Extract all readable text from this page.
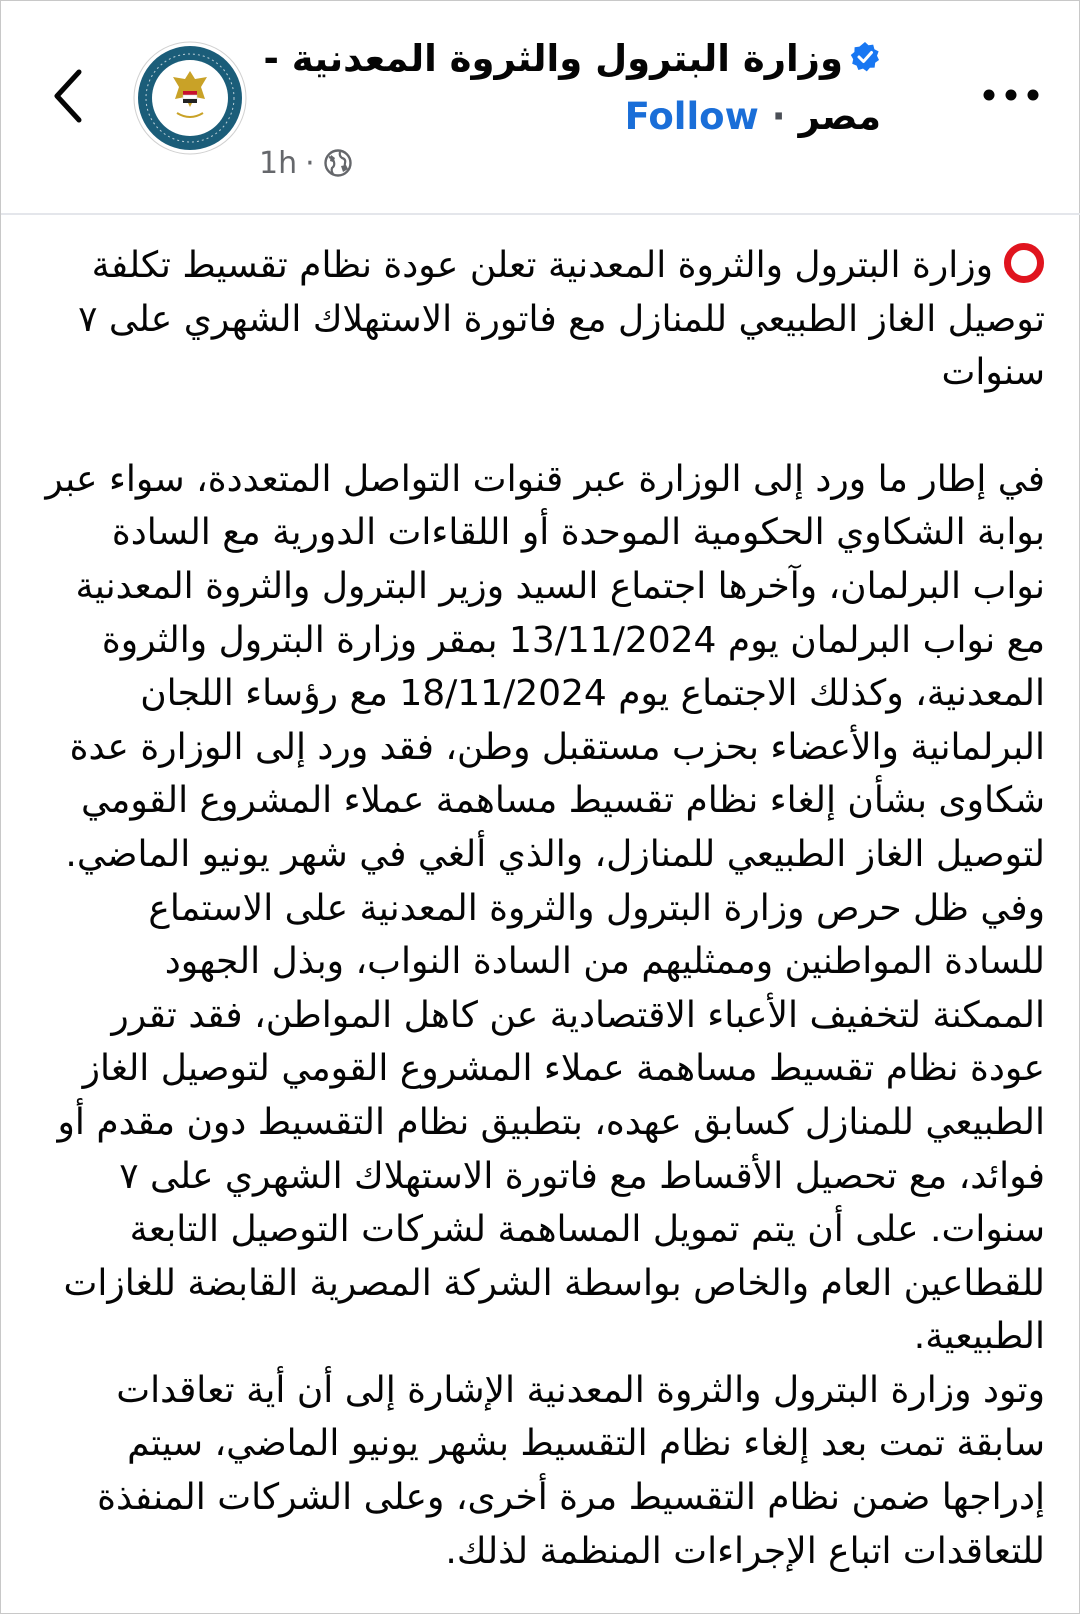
وزارة البترول والثروة المعدنية -
مصر · Follow
1h ·

وزارة البترول والثروة المعدنية تعلن عودة نظام تقسيط تكلفة توصيل الغاز الطبيعي للمنازل مع فاتورة الاستهلاك الشهري على ٧ سنوات

في إطار ما ورد إلى الوزارة عبر قنوات التواصل المتعددة، سواء عبر بوابة الشكاوي الحكومية الموحدة أو اللقاءات الدورية مع السادة نواب البرلمان، وآخرها اجتماع السيد وزير البترول والثروة المعدنية مع نواب البرلمان يوم 13/11/2024 بمقر وزارة البترول والثروة المعدنية، وكذلك الاجتماع يوم 18/11/2024 مع رؤساء اللجان البرلمانية والأعضاء بحزب مستقبل وطن، فقد ورد إلى الوزارة عدة شكاوى بشأن إلغاء نظام تقسيط مساهمة عملاء المشروع القومي لتوصيل الغاز الطبيعي للمنازل، والذي ألغي في شهر يونيو الماضي.

وفي ظل حرص وزارة البترول والثروة المعدنية على الاستماع للسادة المواطنين وممثليهم من السادة النواب، وبذل الجهود الممكنة لتخفيف الأعباء الاقتصادية عن كاهل المواطن، فقد تقرر عودة نظام تقسيط مساهمة عملاء المشروع القومي لتوصيل الغاز الطبيعي للمنازل كسابق عهده، بتطبيق نظام التقسيط دون مقدم أو فوائد، مع تحصيل الأقساط مع فاتورة الاستهلاك الشهري على ٧ سنوات. على أن يتم تمويل المساهمة لشركات التوصيل التابعة للقطاعين العام والخاص بواسطة الشركة المصرية القابضة للغازات الطبيعية.

وتود وزارة البترول والثروة المعدنية الإشارة إلى أن أية تعاقدات سابقة تمت بعد إلغاء نظام التقسيط بشهر يونيو الماضي، سيتم إدراجها ضمن نظام التقسيط مرة أخرى، وعلى الشركات المنفذة للتعاقدات اتباع الإجراءات المنظمة لذلك.
